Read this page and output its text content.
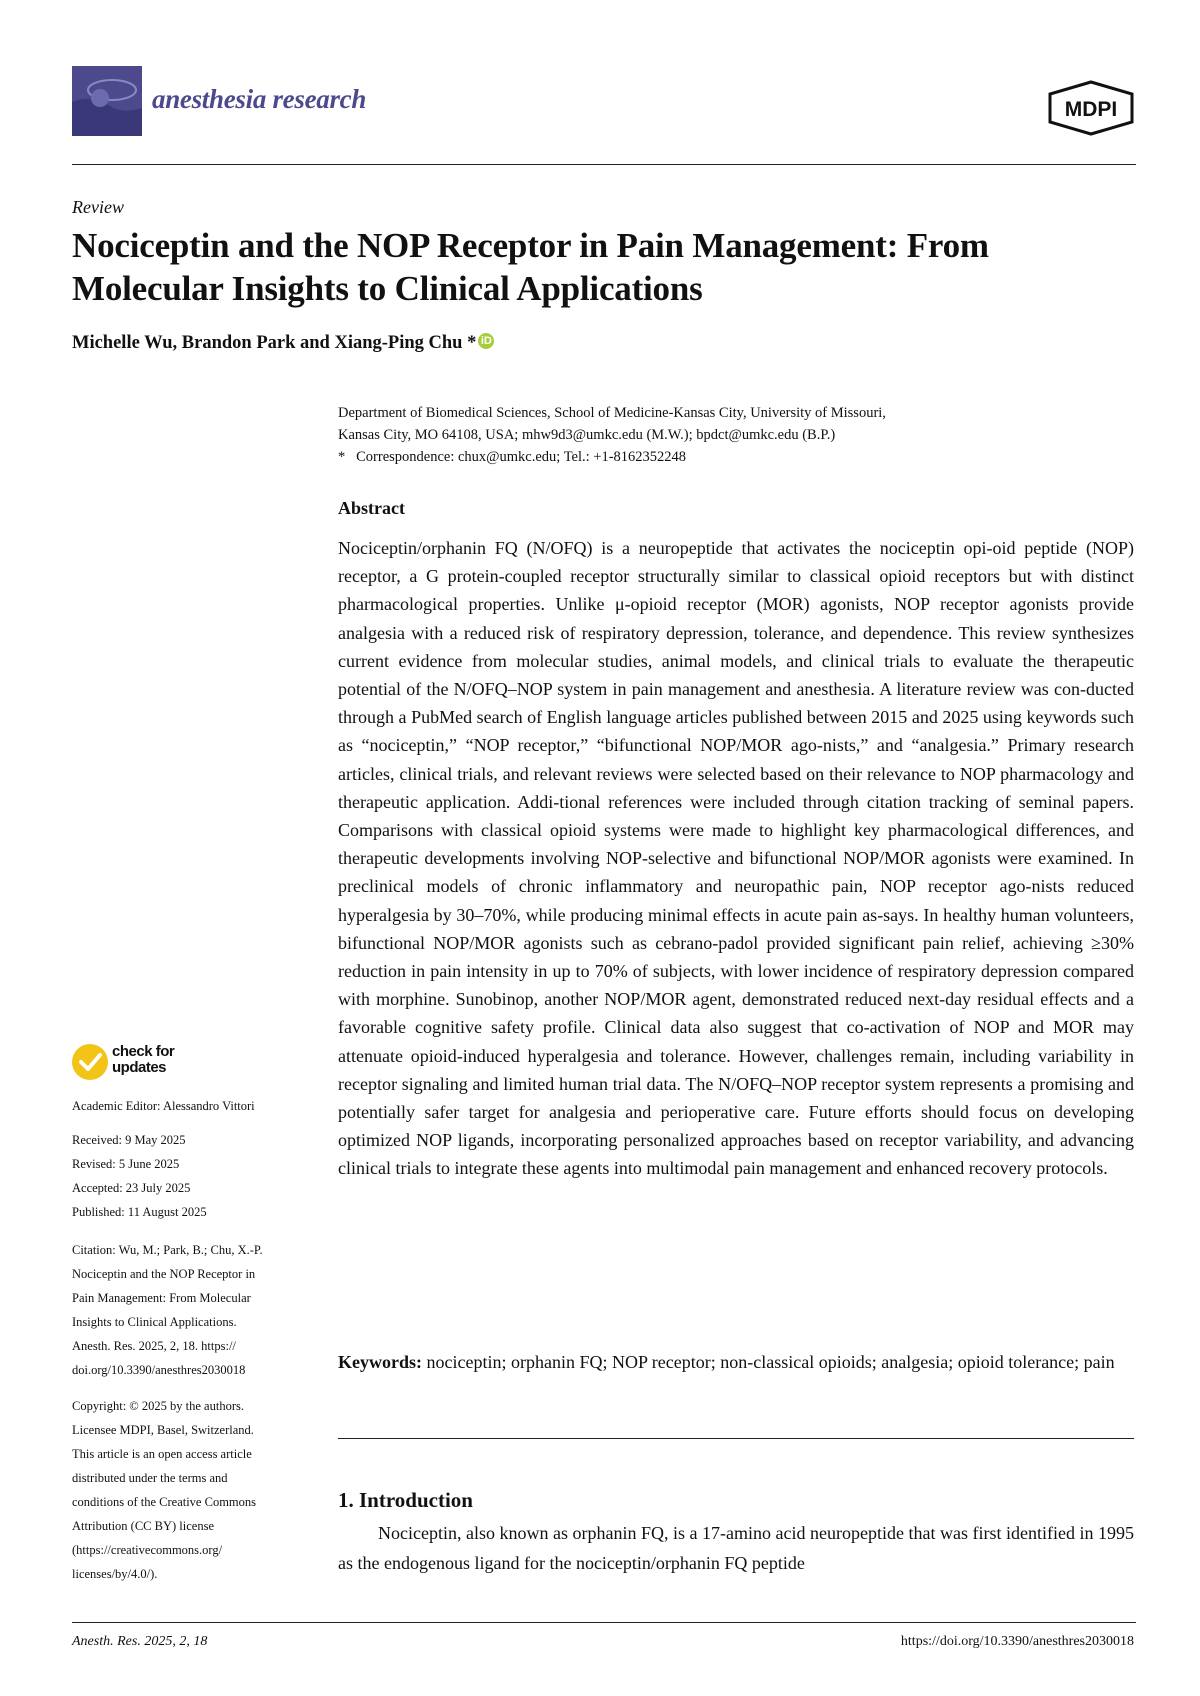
anesthesia research	MDPI
Review
Nociceptin and the NOP Receptor in Pain Management: From Molecular Insights to Clinical Applications
Michelle Wu, Brandon Park and Xiang-Ping Chu * iD
Department of Biomedical Sciences, School of Medicine-Kansas City, University of Missouri,
Kansas City, MO 64108, USA; mhw9d3@umkc.edu (M.W.); bpdct@umkc.edu (B.P.)
*   Correspondence: chux@umkc.edu; Tel.: +1-8162352248
Abstract

Nociceptin/orphanin FQ (N/OFQ) is a neuropeptide that activates the nociceptin opi-oid peptide (NOP) receptor, a G protein-coupled receptor structurally similar to classical opioid receptors but with distinct pharmacological properties. Unlike μ-opioid receptor (MOR) agonists, NOP receptor agonists provide analgesia with a reduced risk of respiratory depression, tolerance, and dependence. This review synthesizes current evidence from molecular studies, animal models, and clinical trials to evaluate the therapeutic potential of the N/OFQ–NOP system in pain management and anesthesia. A literature review was con-ducted through a PubMed search of English language articles published between 2015 and 2025 using keywords such as “nociceptin,” “NOP receptor,” “bifunctional NOP/MOR ago-nists,” and “analgesia.” Primary research articles, clinical trials, and relevant reviews were selected based on their relevance to NOP pharmacology and therapeutic application. Addi-tional references were included through citation tracking of seminal papers. Comparisons with classical opioid systems were made to highlight key pharmacological differences, and therapeutic developments involving NOP-selective and bifunctional NOP/MOR agonists were examined. In preclinical models of chronic inflammatory and neuropathic pain, NOP receptor ago-nists reduced hyperalgesia by 30–70%, while producing minimal effects in acute pain as-says. In healthy human volunteers, bifunctional NOP/MOR agonists such as cebrano-padol provided significant pain relief, achieving ≥30% reduction in pain intensity in up to 70% of subjects, with lower incidence of respiratory depression compared with morphine. Sunobinop, another NOP/MOR agent, demonstrated reduced next-day residual effects and a favorable cognitive safety profile. Clinical data also suggest that co-activation of NOP and MOR may attenuate opioid-induced hyperalgesia and tolerance. However, challenges remain, including variability in receptor signaling and limited human trial data. The N/OFQ–NOP receptor system represents a promising and potentially safer target for analgesia and perioperative care. Future efforts should focus on developing optimized NOP ligands, incorporating personalized approaches based on receptor variability, and advancing clinical trials to integrate these agents into multimodal pain management and enhanced recovery protocols.

Keywords: nociceptin; orphanin FQ; NOP receptor; non-classical opioids; analgesia; opioid tolerance; pain

1. Introduction

Nociceptin, also known as orphanin FQ, is a 17-amino acid neuropeptide that was first identified in 1995 as the endogenous ligand for the nociceptin/orphanin FQ peptide

check for
updates
Academic Editor: Alessandro Vittori
Received: 9 May 2025
Revised: 5 June 2025
Accepted: 23 July 2025
Published: 11 August 2025
Citation: Wu, M.; Park, B.; Chu, X.-P.
Nociceptin and the NOP Receptor in
Pain Management: From Molecular
Insights to Clinical Applications.
Anesth. Res. 2025, 2, 18. https://
doi.org/10.3390/anesthres2030018
Copyright: © 2025 by the authors.
Licensee MDPI, Basel, Switzerland.
This article is an open access article
distributed under the terms and
conditions of the Creative Commons
Attribution (CC BY) license
(https://creativecommons.org/
licenses/by/4.0/).
Anesth. Res. 2025, 2, 18	https://doi.org/10.3390/anesthres2030018
